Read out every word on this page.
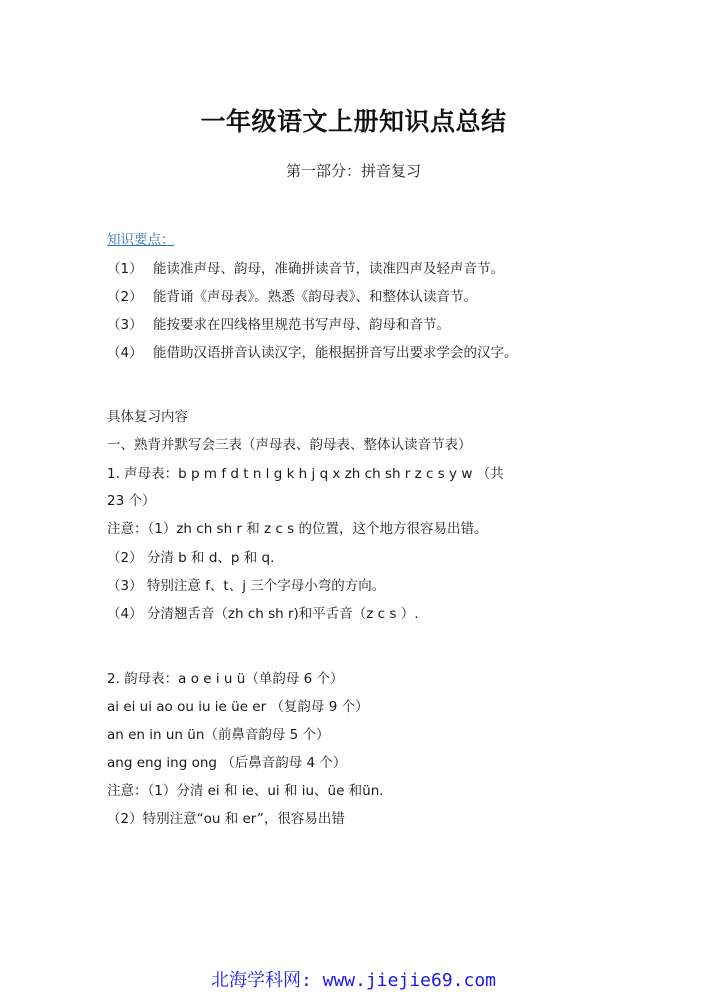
一年级语文上册知识点总结
第一部分：拼音复习
知识要点：
（1） 能读准声母、韵母，准确拼读音节，读准四声及轻声音节。
（2） 能背诵《声母表》。熟悉《韵母表》、和整体认读音节。
（3） 能按要求在四线格里规范书写声母、韵母和音节。
（4） 能借助汉语拼音认读汉字，能根据拼音写出要求学会的汉字。
具体复习内容
一、熟背并默写会三表（声母表、韵母表、整体认读音节表）
1. 声母表：b p m f d t n l g k h j q x zh ch sh r z c s y w （共
23 个）
注意：（1）zh ch sh r 和 z c s 的位置，这个地方很容易出错。
（2） 分清 b 和 d、p 和 q.
（3） 特别注意 f、t、j 三个字母小弯的方向。
（4） 分清翘舌音（zh ch sh r)和平舌音（z c s ）.
2. 韵母表：a o e i u ü（单韵母 6 个）
ai ei ui ao ou iu ie üe er （复韵母 9 个）
an en in un ün（前鼻音韵母 5 个）
ang eng ing ong （后鼻音韵母 4 个）
注意：（1）分清 ei 和 ie、ui 和 iu、üe 和ün.
（2）特别注意“ou 和 er”，很容易出错
北海学科网: www.jiejie69.com
